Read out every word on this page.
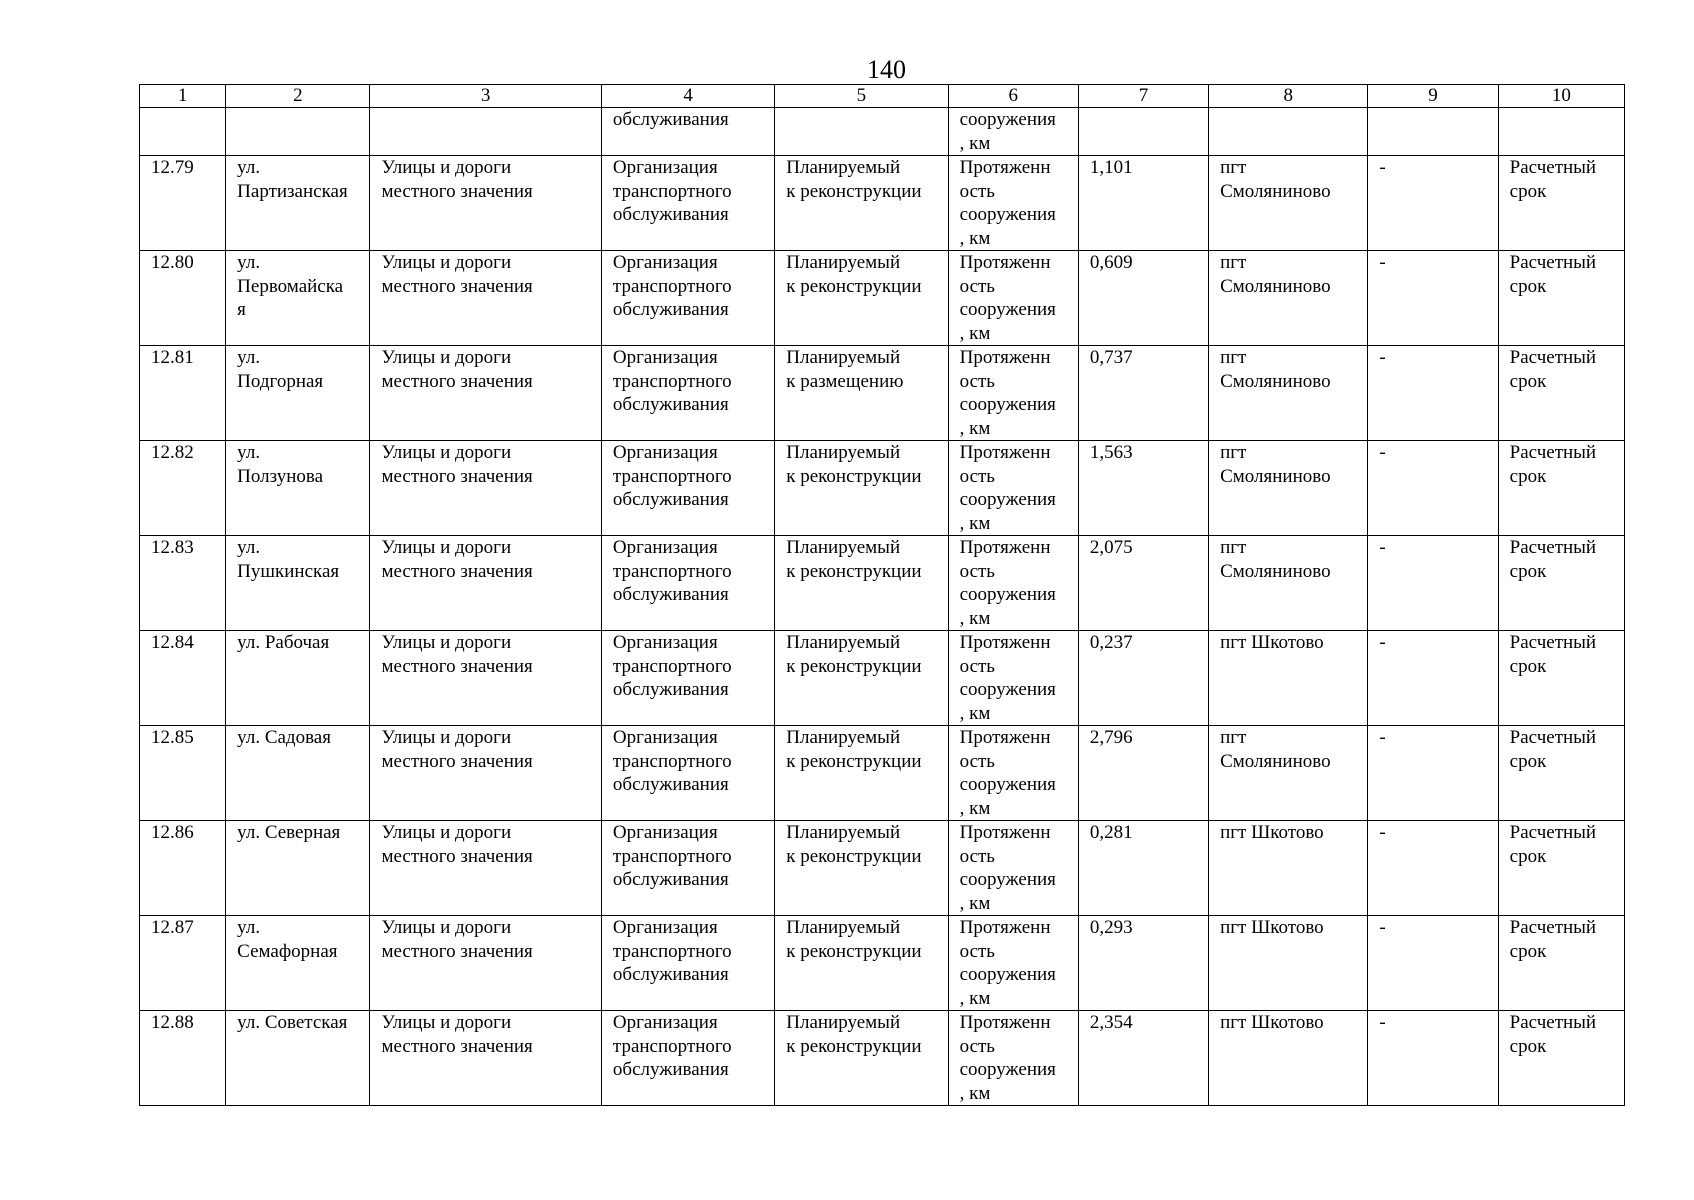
140
1	2	3	4	5	6	7	8	9	10

			обслуживания		сооружения
, км				

12.79	ул.
Партизанская	Улицы и дороги
местного значения	Организация
транспортного
обслуживания	Планируемый
к реконструкции	Протяженн
ость
сооружения
, км	1,101	пгт
Смоляниново	-	Расчетный
срок

12.80	ул.
Первомайска
я	Улицы и дороги
местного значения	Организация
транспортного
обслуживания	Планируемый
к реконструкции	Протяженн
ость
сооружения
, км	0,609	пгт
Смоляниново	-	Расчетный
срок

12.81	ул.
Подгорная	Улицы и дороги
местного значения	Организация
транспортного
обслуживания	Планируемый
к размещению	Протяженн
ость
сооружения
, км	0,737	пгт
Смоляниново	-	Расчетный
срок

12.82	ул.
Ползунова	Улицы и дороги
местного значения	Организация
транспортного
обслуживания	Планируемый
к реконструкции	Протяженн
ость
сооружения
, км	1,563	пгт
Смоляниново	-	Расчетный
срок

12.83	ул.
Пушкинская	Улицы и дороги
местного значения	Организация
транспортного
обслуживания	Планируемый
к реконструкции	Протяженн
ость
сооружения
, км	2,075	пгт
Смоляниново	-	Расчетный
срок

12.84	ул. Рабочая	Улицы и дороги
местного значения	Организация
транспортного
обслуживания	Планируемый
к реконструкции	Протяженн
ость
сооружения
, км	0,237	пгт Шкотово	-	Расчетный
срок

12.85	ул. Садовая	Улицы и дороги
местного значения	Организация
транспортного
обслуживания	Планируемый
к реконструкции	Протяженн
ость
сооружения
, км	2,796	пгт
Смоляниново	-	Расчетный
срок

12.86	ул. Северная	Улицы и дороги
местного значения	Организация
транспортного
обслуживания	Планируемый
к реконструкции	Протяженн
ость
сооружения
, км	0,281	пгт Шкотово	-	Расчетный
срок

12.87	ул.
Семафорная	Улицы и дороги
местного значения	Организация
транспортного
обслуживания	Планируемый
к реконструкции	Протяженн
ость
сооружения
, км	0,293	пгт Шкотово	-	Расчетный
срок

12.88	ул. Советская	Улицы и дороги
местного значения	Организация
транспортного
обслуживания	Планируемый
к реконструкции	Протяженн
ость
сооружения
, км	2,354	пгт Шкотово	-	Расчетный
срок
